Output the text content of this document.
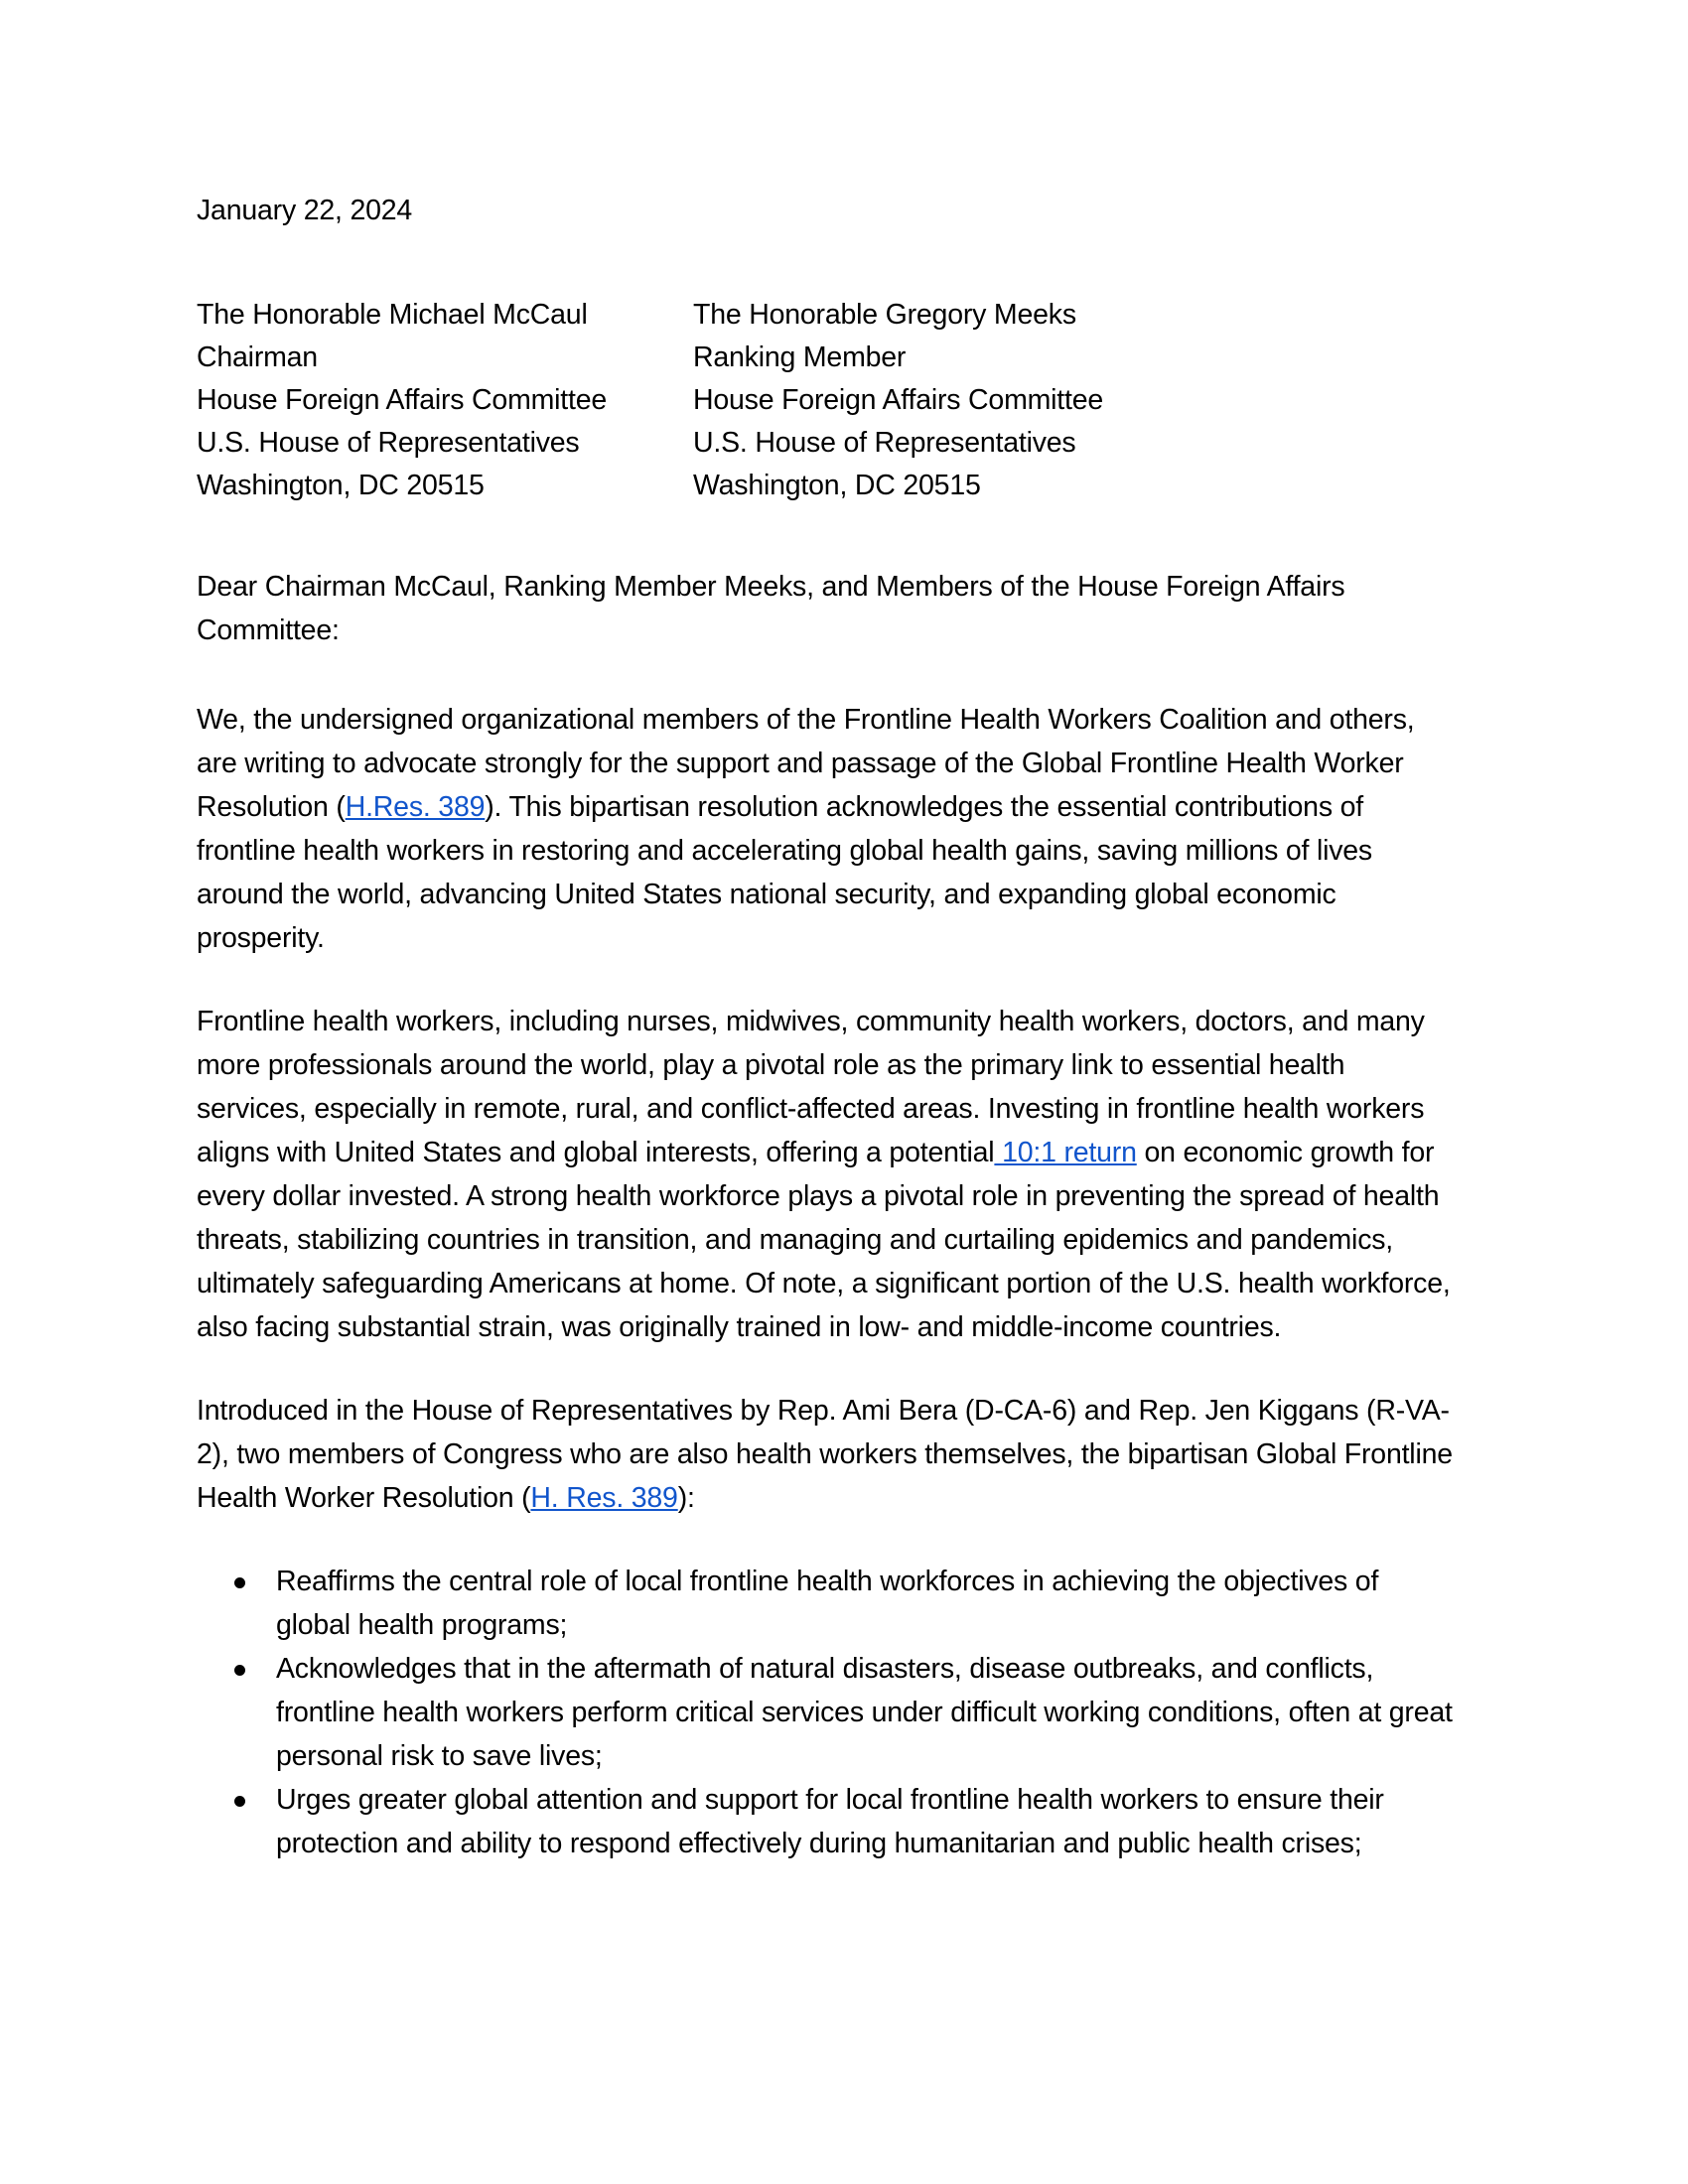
January 22, 2024
The Honorable Michael McCaul
Chairman
House Foreign Affairs Committee
U.S. House of Representatives
Washington, DC 20515
The Honorable Gregory Meeks
Ranking Member
House Foreign Affairs Committee
U.S. House of Representatives
Washington, DC 20515
Dear Chairman McCaul, Ranking Member Meeks, and Members of the House Foreign Affairs Committee:

We, the undersigned organizational members of the Frontline Health Workers Coalition and others, are writing to advocate strongly for the support and passage of the Global Frontline Health Worker Resolution (H.Res. 389). This bipartisan resolution acknowledges the essential contributions of frontline health workers in restoring and accelerating global health gains, saving millions of lives around the world, advancing United States national security, and expanding global economic prosperity.

Frontline health workers, including nurses, midwives, community health workers, doctors, and many more professionals around the world, play a pivotal role as the primary link to essential health services, especially in remote, rural, and conflict-affected areas. Investing in frontline health workers aligns with United States and global interests, offering a potential 10:1 return on economic growth for every dollar invested. A strong health workforce plays a pivotal role in preventing the spread of health threats, stabilizing countries in transition, and managing and curtailing epidemics and pandemics, ultimately safeguarding Americans at home. Of note, a significant portion of the U.S. health workforce, also facing substantial strain, was originally trained in low- and middle-income countries.

Introduced in the House of Representatives by Rep. Ami Bera (D-CA-6) and Rep. Jen Kiggans (R-VA-2), two members of Congress who are also health workers themselves, the bipartisan Global Frontline Health Worker Resolution (H. Res. 389):

Reaffirms the central role of local frontline health workforces in achieving the objectives of global health programs;
Acknowledges that in the aftermath of natural disasters, disease outbreaks, and conflicts, frontline health workers perform critical services under difficult working conditions, often at great personal risk to save lives;
Urges greater global attention and support for local frontline health workers to ensure their protection and ability to respond effectively during humanitarian and public health crises;
